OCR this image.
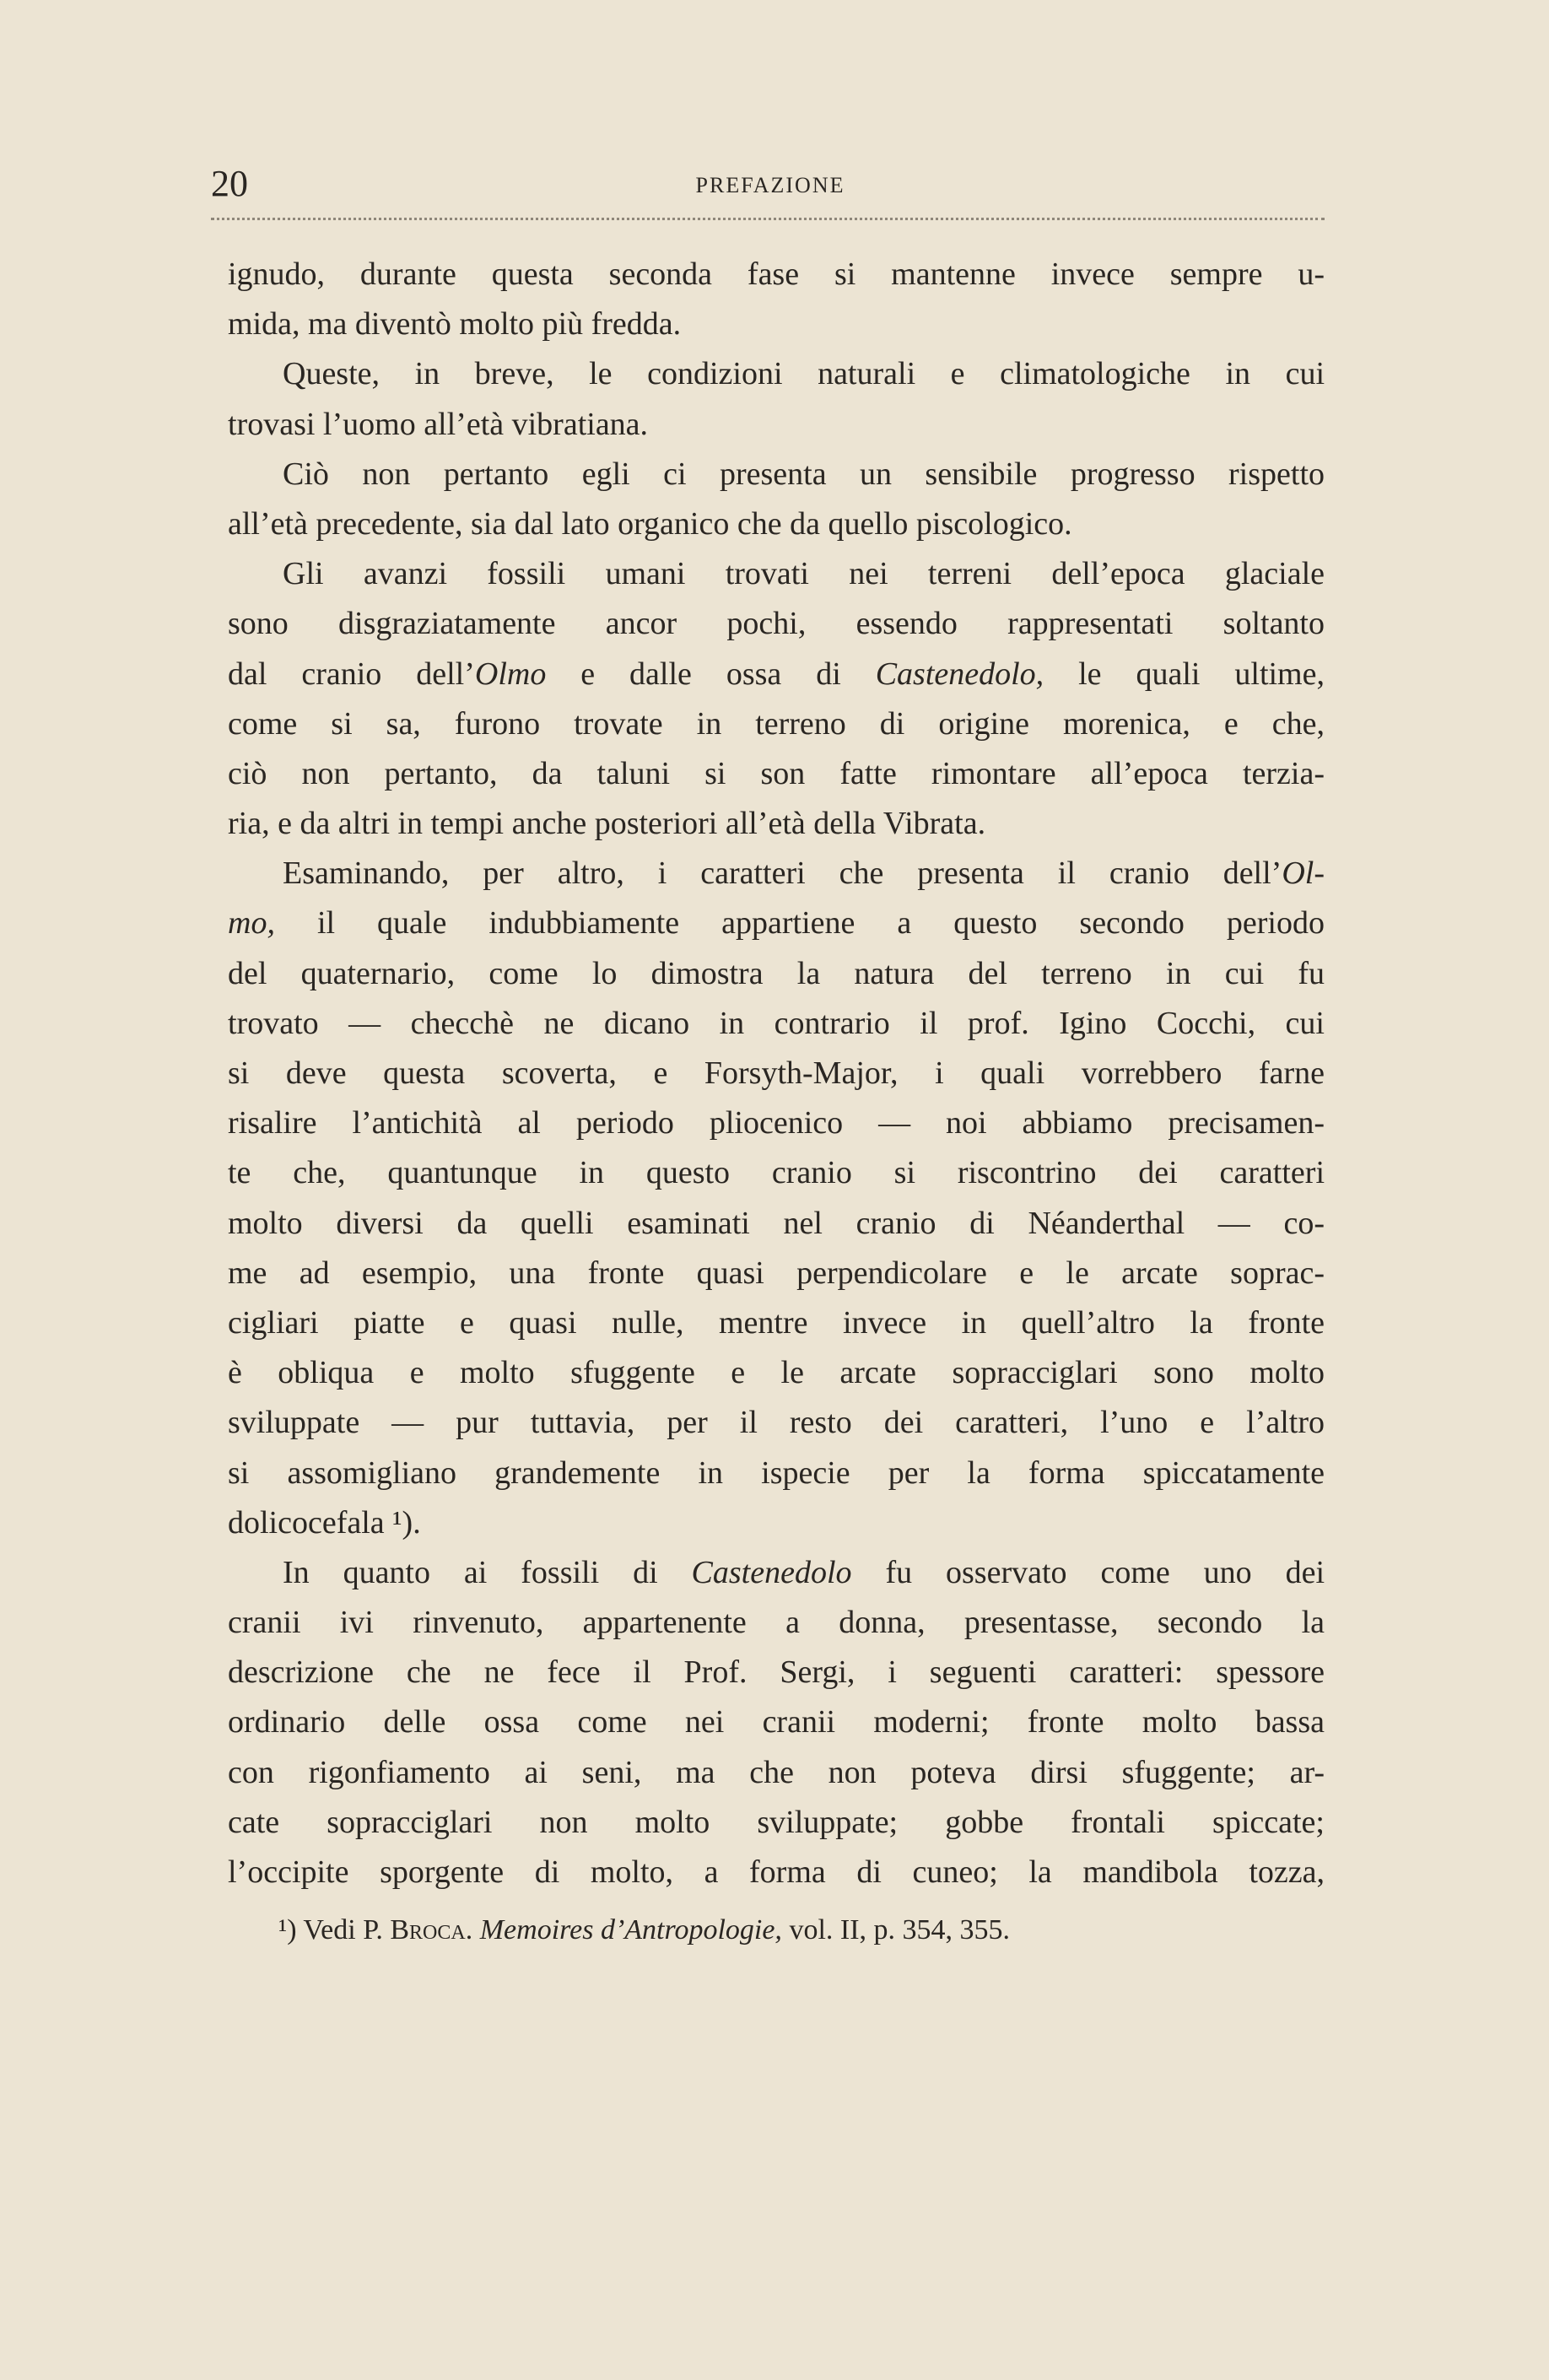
20	PREFAZIONE
ignudo, durante questa seconda fase si mantenne invece sempre u-
mida, ma diventò molto più fredda.
Queste, in breve, le condizioni naturali e climatologiche in cui
trovasi l’uomo all’età vibratiana.
Ciò non pertanto egli ci presenta un sensibile progresso rispetto
all’età precedente, sia dal lato organico che da quello piscologico.
Gli avanzi fossili umani trovati nei terreni dell’epoca glaciale
sono disgraziatamente ancor pochi, essendo rappresentati soltanto
dal cranio dell’Olmo e dalle ossa di Castenedolo, le quali ultime,
come si sa, furono trovate in terreno di origine morenica, e che,
ciò non pertanto, da taluni si son fatte rimontare all’epoca terzia-
ria, e da altri in tempi anche posteriori all’età della Vibrata.
Esaminando, per altro, i caratteri che presenta il cranio dell’Ol-
mo, il quale indubbiamente appartiene a questo secondo periodo
del quaternario, come lo dimostra la natura del terreno in cui fu
trovato — checchè ne dicano in contrario il prof. Igino Cocchi, cui
si deve questa scoverta, e Forsyth-Major, i quali vorrebbero farne
risalire l’antichità al periodo pliocenico — noi abbiamo precisamen-
te che, quantunque in questo cranio si riscontrino dei caratteri
molto diversi da quelli esaminati nel cranio di Néanderthal — co-
me ad esempio, una fronte quasi perpendicolare e le arcate soprac-
cigliari piatte e quasi nulle, mentre invece in quell’altro la fronte
è obliqua e molto sfuggente e le arcate sopracciglari sono molto
sviluppate — pur tuttavia, per il resto dei caratteri, l’uno e l’altro
si assomigliano grandemente in ispecie per la forma spiccatamente
dolicocefala ¹).
In quanto ai fossili di Castenedolo fu osservato come uno dei
cranii ivi rinvenuto, appartenente a donna, presentasse, secondo la
descrizione che ne fece il Prof. Sergi, i seguenti caratteri: spessore
ordinario delle ossa come nei cranii moderni; fronte molto bassa
con rigonfiamento ai seni, ma che non poteva dirsi sfuggente; ar-
cate sopracciglari non molto sviluppate; gobbe frontali spiccate;
l’occipite sporgente di molto, a forma di cuneo; la mandibola tozza,
¹) Vedi P. Broca. Memoires d’Antropologie, vol. II, p. 354, 355.
